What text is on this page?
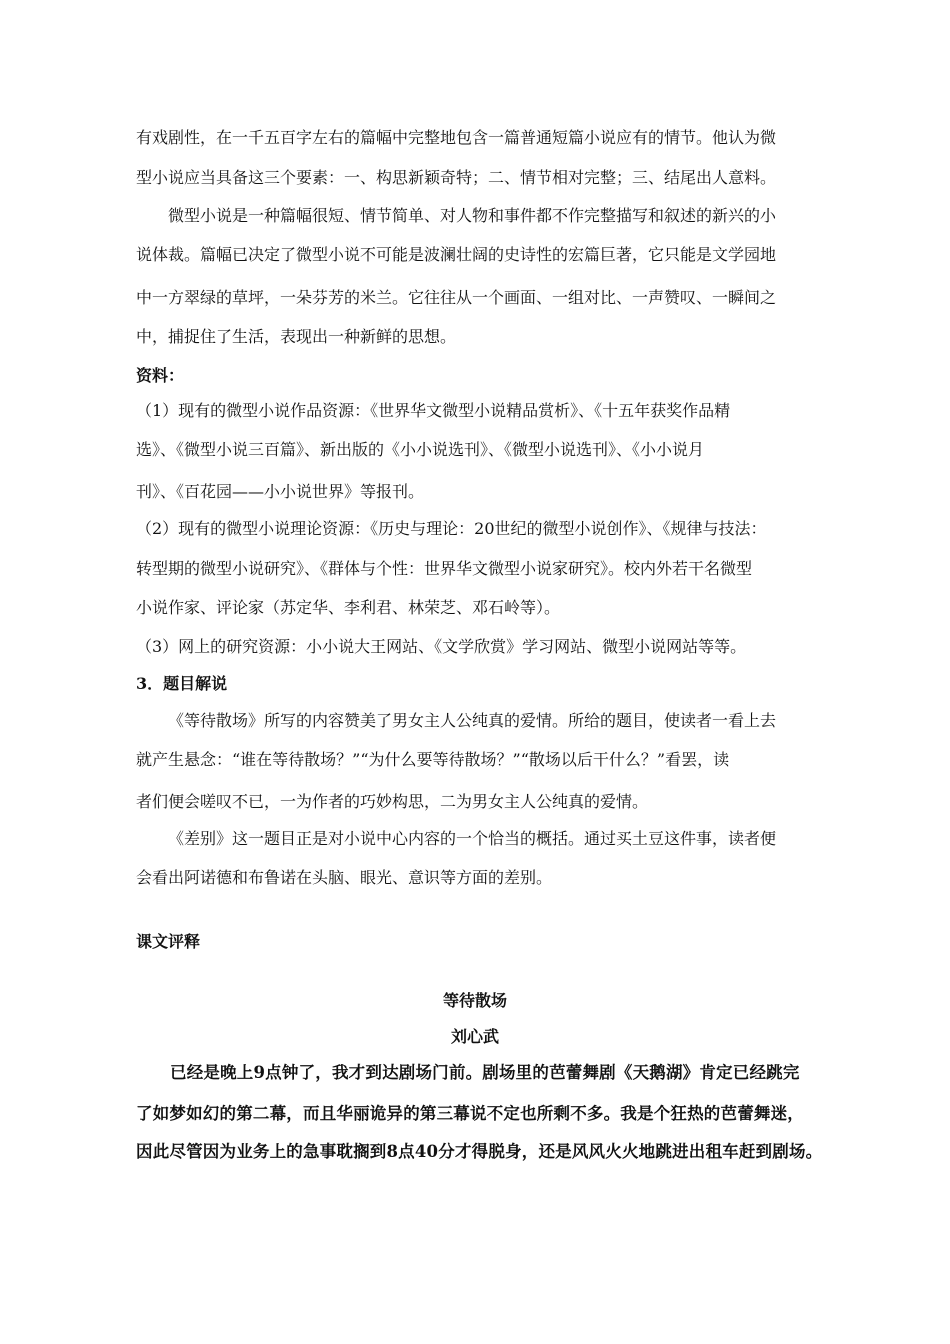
有戏剧性，在一千五百字左右的篇幅中完整地包含一篇普通短篇小说应有的情节。他认为微
型小说应当具备这三个要素：一、构思新颖奇特；二、情节相对完整；三、结尾出人意料。
微型小说是一种篇幅很短、情节简单、对人物和事件都不作完整描写和叙述的新兴的小
说体裁。篇幅已决定了微型小说不可能是波澜壮阔的史诗性的宏篇巨著，它只能是文学园地
中一方翠绿的草坪，一朵芬芳的米兰。它往往从一个画面、一组对比、一声赞叹、一瞬间之
中，捕捉住了生活，表现出一种新鲜的思想。
资料：
（1）现有的微型小说作品资源：《世界华文微型小说精品赏析》、《十五年获奖作品精
选》、《微型小说三百篇》、新出版的《小小说选刊》、《微型小说选刊》、《小小说月
刊》、《百花园——小小说世界》等报刊。
（2）现有的微型小说理论资源：《历史与理论：20世纪的微型小说创作》、《规律与技法：
转型期的微型小说研究》、《群体与个性：世界华文微型小说家研究》。校内外若干名微型
小说作家、评论家（苏定华、李利君、林荣芝、邓石岭等）。
（3）网上的研究资源：小小说大王网站、《文学欣赏》学习网站、微型小说网站等等。
3．题目解说
《等待散场》所写的内容赞美了男女主人公纯真的爱情。所给的题目，使读者一看上去
就产生悬念：“谁在等待散场？”“为什么要等待散场？”“散场以后干什么？”看罢，读
者们便会嗟叹不已，一为作者的巧妙构思，二为男女主人公纯真的爱情。
《差别》这一题目正是对小说中心内容的一个恰当的概括。通过买土豆这件事，读者便
会看出阿诺德和布鲁诺在头脑、眼光、意识等方面的差别。
课文评释
等待散场
刘心武
已经是晚上9点钟了，我才到达剧场门前。剧场里的芭蕾舞剧《天鹅湖》肯定已经跳完
了如梦如幻的第二幕，而且华丽诡异的第三幕说不定也所剩不多。我是个狂热的芭蕾舞迷，
因此尽管因为业务上的急事耽搁到8点40分才得脱身，还是风风火火地跳进出租车赶到剧场。
